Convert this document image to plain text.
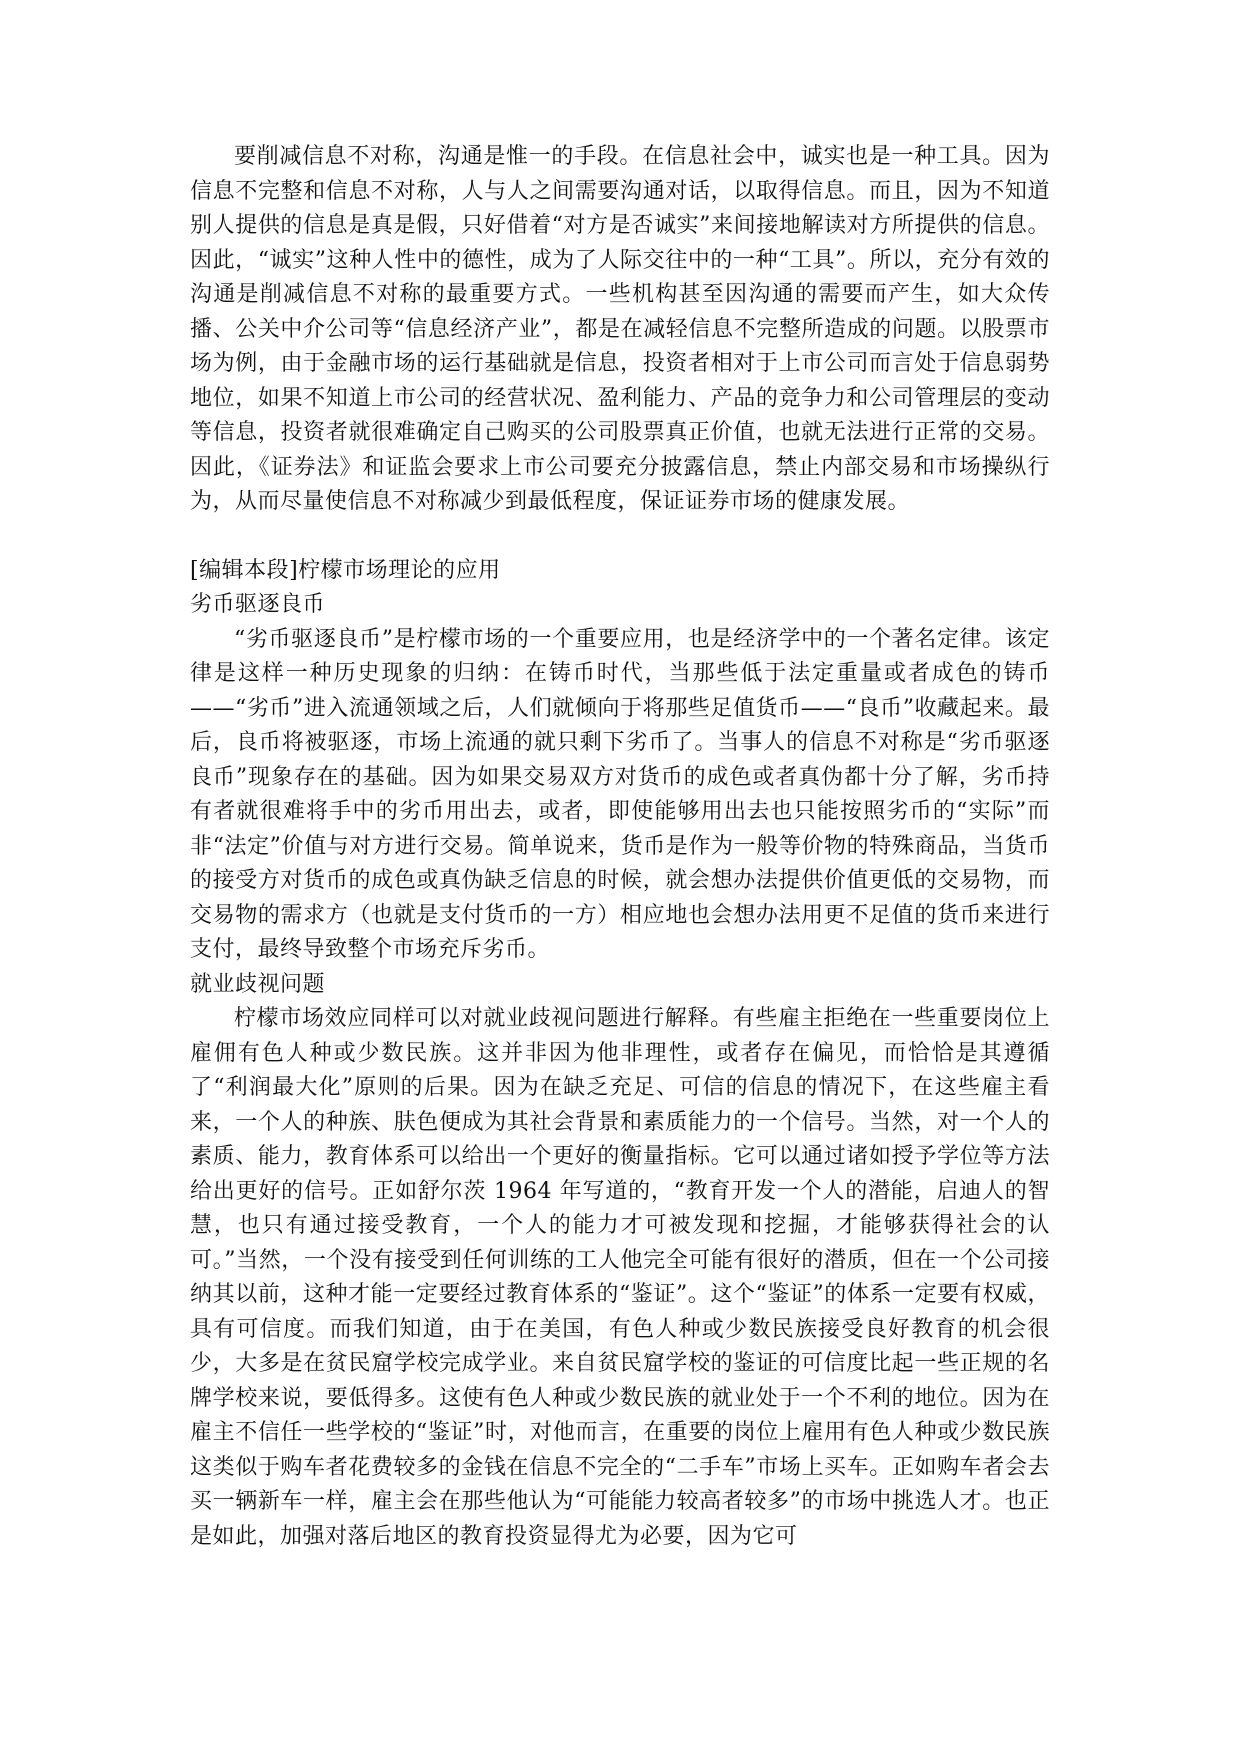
要削减信息不对称，沟通是惟一的手段。在信息社会中，诚实也是一种工具。因为信息不完整和信息不对称，人与人之间需要沟通对话，以取得信息。而且，因为不知道别人提供的信息是真是假，只好借着“对方是否诚实”来间接地解读对方所提供的信息。因此，“诚实”这种人性中的德性，成为了人际交往中的一种“工具”。所以，充分有效的沟通是削减信息不对称的最重要方式。一些机构甚至因沟通的需要而产生，如大众传播、公关中介公司等“信息经济产业”，都是在减轻信息不完整所造成的问题。以股票市场为例，由于金融市场的运行基础就是信息，投资者相对于上市公司而言处于信息弱势地位，如果不知道上市公司的经营状况、盈利能力、产品的竞争力和公司管理层的变动等信息，投资者就很难确定自己购买的公司股票真正价值，也就无法进行正常的交易。因此，《证券法》和证监会要求上市公司要充分披露信息，禁止内部交易和市场操纵行为，从而尽量使信息不对称减少到最低程度，保证证券市场的健康发展。

[编辑本段]柠檬市场理论的应用

劣币驱逐良币

“劣币驱逐良币”是柠檬市场的一个重要应用，也是经济学中的一个著名定律。该定律是这样一种历史现象的归纳：在铸币时代，当那些低于法定重量或者成色的铸币——“劣币”进入流通领域之后，人们就倾向于将那些足值货币——“良币”收藏起来。最后，良币将被驱逐，市场上流通的就只剩下劣币了。当事人的信息不对称是“劣币驱逐良币”现象存在的基础。因为如果交易双方对货币的成色或者真伪都十分了解，劣币持有者就很难将手中的劣币用出去，或者，即使能够用出去也只能按照劣币的“实际”而非“法定”价值与对方进行交易。简单说来，货币是作为一般等价物的特殊商品，当货币的接受方对货币的成色或真伪缺乏信息的时候，就会想办法提供价值更低的交易物，而交易物的需求方（也就是支付货币的一方）相应地也会想办法用更不足值的货币来进行支付，最终导致整个市场充斥劣币。

就业歧视问题

柠檬市场效应同样可以对就业歧视问题进行解释。有些雇主拒绝在一些重要岗位上雇佣有色人种或少数民族。这并非因为他非理性，或者存在偏见，而恰恰是其遵循了“利润最大化”原则的后果。因为在缺乏充足、可信的信息的情况下，在这些雇主看来，一个人的种族、肤色便成为其社会背景和素质能力的一个信号。当然，对一个人的素质、能力，教育体系可以给出一个更好的衡量指标。它可以通过诸如授予学位等方法给出更好的信号。正如舒尔茨 1964 年写道的，“教育开发一个人的潜能，启迪人的智慧，也只有通过接受教育，一个人的能力才可被发现和挖掘，才能够获得社会的认可。”当然，一个没有接受到任何训练的工人他完全可能有很好的潜质，但在一个公司接纳其以前，这种才能一定要经过教育体系的“鉴证”。这个“鉴证”的体系一定要有权威，具有可信度。而我们知道，由于在美国，有色人种或少数民族接受良好教育的机会很少，大多是在贫民窟学校完成学业。来自贫民窟学校的鉴证的可信度比起一些正规的名牌学校来说，要低得多。这使有色人种或少数民族的就业处于一个不利的地位。因为在雇主不信任一些学校的“鉴证”时，对他而言，在重要的岗位上雇用有色人种或少数民族这类似于购车者花费较多的金钱在信息不完全的“二手车”市场上买车。正如购车者会去买一辆新车一样，雇主会在那些他认为“可能能力较高者较多”的市场中挑选人才。也正是如此，加强对落后地区的教育投资显得尤为必要，因为它可
